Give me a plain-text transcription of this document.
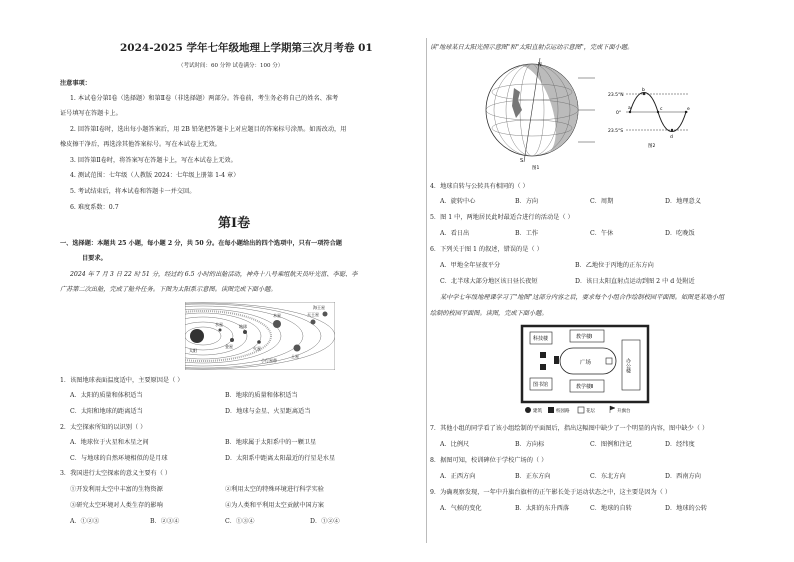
2024-2025 学年七年级地理上学期第三次月考卷 01
（考试时间：60 分钟 试卷满分：100 分）
注意事项：
1. 本试卷分第Ⅰ卷（选择题）和第Ⅱ卷（非选择题）两部分。答卷前，考生务必将自己的姓名、准考
证号填写在答题卡上。
2. 回答第Ⅰ卷时，选出每小题答案后，用 2B 铅笔把答题卡上对应题目的答案标号涂黑。如需改动，用
橡皮擦干净后，再选涂其他答案标号。写在本试卷上无效。
3. 回答第Ⅱ卷时，将答案写在答题卡上，写在本试卷上无效。
4. 测试范围：七年级（人教版 2024：七年级上册第 1-4 章）
5. 考试结束后，将本试卷和答题卡一并交回。
6. 难度系数：0.7
第Ⅰ卷
一、选择题：本题共 25 小题，每小题 2 分，共 50 分。在每小题给出的四个选项中，只有一项符合题
目要求。
2024 年 7 月 3 日 22 时 51 分，经过约 6.5 小时的出舱活动，神舟十八号乘组航天员叶光富、李聪、李
广苏第二次出舱，完成了舱外任务。下图为太阳系示意图。读图完成下面小题。
木星
火星
太阳
地球
金星
水星
土星
天王星
海王星
小行星带
1．该图地球表面温度适中，主要原因是（ ）
A．太阳的质量和体积适当	B．地球的质量和体积适当
C．太阳和地球的距离适当	D．地球与金星、火星距离适当
2．太空探索所知的以识别（ ）
A．地球位于火星和木星之间	B．地球属于太阳系中的一颗卫星
C．与地球的自然环境相似的是月球	D．太阳系中距离太阳最近的行星是水星
3．我国进行太空探索的意义主要有（ ）
①开发利用太空中丰富的生物资源	②利用太空的特殊环境进行科学实验
③研究太空环境对人类生存的影响	④为人类和平利用太空贡献中国方案
A．①②③	B．②③④	C．①③④	D．①②④
读"地球某日太阳光照示意图"和"太阳直射点运动示意图"，完成下面小题。
N
S
图1
23.5°N
0°
23.5°S
a
b
c
d
e
图2
4．地球自转与公转具有相同的（ ）
A．旋转中心	B．方向	C．周期	D．地理意义
5．图 1 中，两地居民此时最适合进行的活动是（ ）
A．看日出	B．工作	C．午休	D．吃晚饭
6．下列关于图 1 的叙述，错误的是（ ）
A．甲地全年昼夜平分	B．乙地位于丙地的正东方向
C．北半球大部分地区该日昼长夜短	D．该日太阳直射点运动到图 2 中 d 处附近
某中学七年级地理课学习了"地图"这部分内容之后，要求每个小组合作绘制校园平面图。如图是某地小组
绘制的校园平面图。读图，完成下面小题。
科技楼	教学楼Ⅰ
图书馆	教学楼Ⅱ
广场	办公楼
建筑	校园路	花坛	升旗台
7．其他小组的同学看了该小组绘制的平面图后，指出这幅图中缺少了一个明显的内容，图中缺少（ ）
A．比例尺	B．方向标	C．图例和注记	D．经纬度
8．据图可知，校训碑位于学校广场的（ ）
A．正西方向	B．正东方向	C．东北方向	D．西南方向
9．为确观察发现，一年中升旗台旗杆的正午影长处于运动状态之中，这主要是因为（ ）
A．气候的变化	B．太阳的东升西落	C．地球的自转	D．地球的公转
